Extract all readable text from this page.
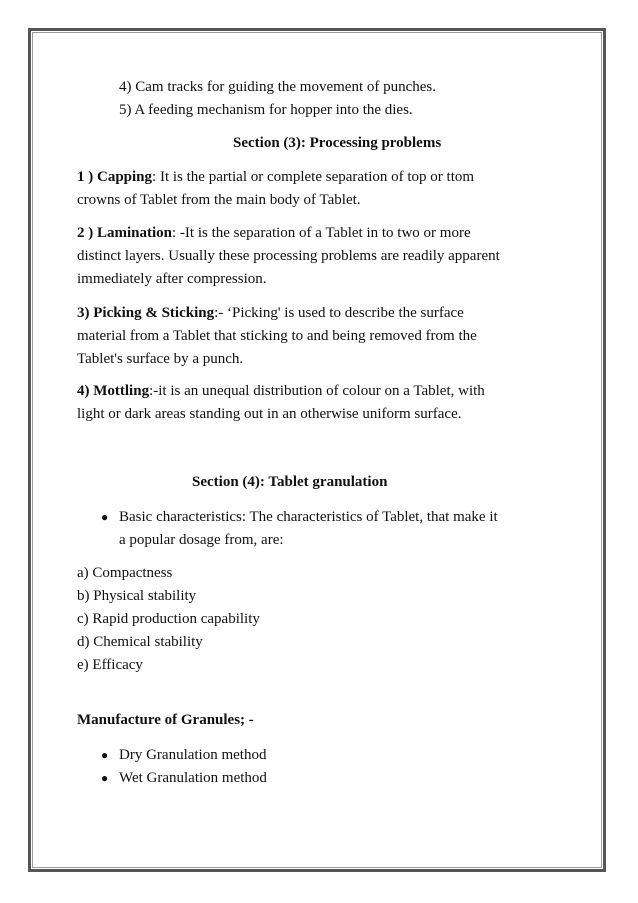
4) Cam tracks for guiding the movement of punches.
5) A feeding mechanism for hopper into the dies.
Section (3): Processing problems
1 ) Capping: It is the partial or complete separation of top or ttom
crowns of Tablet from the main body of Tablet.
2 ) Lamination: -It is the separation of a Tablet in to two or more
distinct layers. Usually these processing problems are readily apparent
immediately after compression.
3) Picking & Sticking:- ‘Picking' is used to describe the surface
material from a Tablet that sticking to and being removed from the
Tablet's surface by a punch.
4) Mottling:-it is an unequal distribution of colour on a Tablet, with
light or dark areas standing out in an otherwise uniform surface.
Section (4): Tablet granulation
● Basic characteristics: The characteristics of Tablet, that make it
a popular dosage from, are:
a) Compactness
b) Physical stability
c) Rapid production capability
d) Chemical stability
e) Efficacy
Manufacture of Granules; -
● Dry Granulation method
● Wet Granulation method
